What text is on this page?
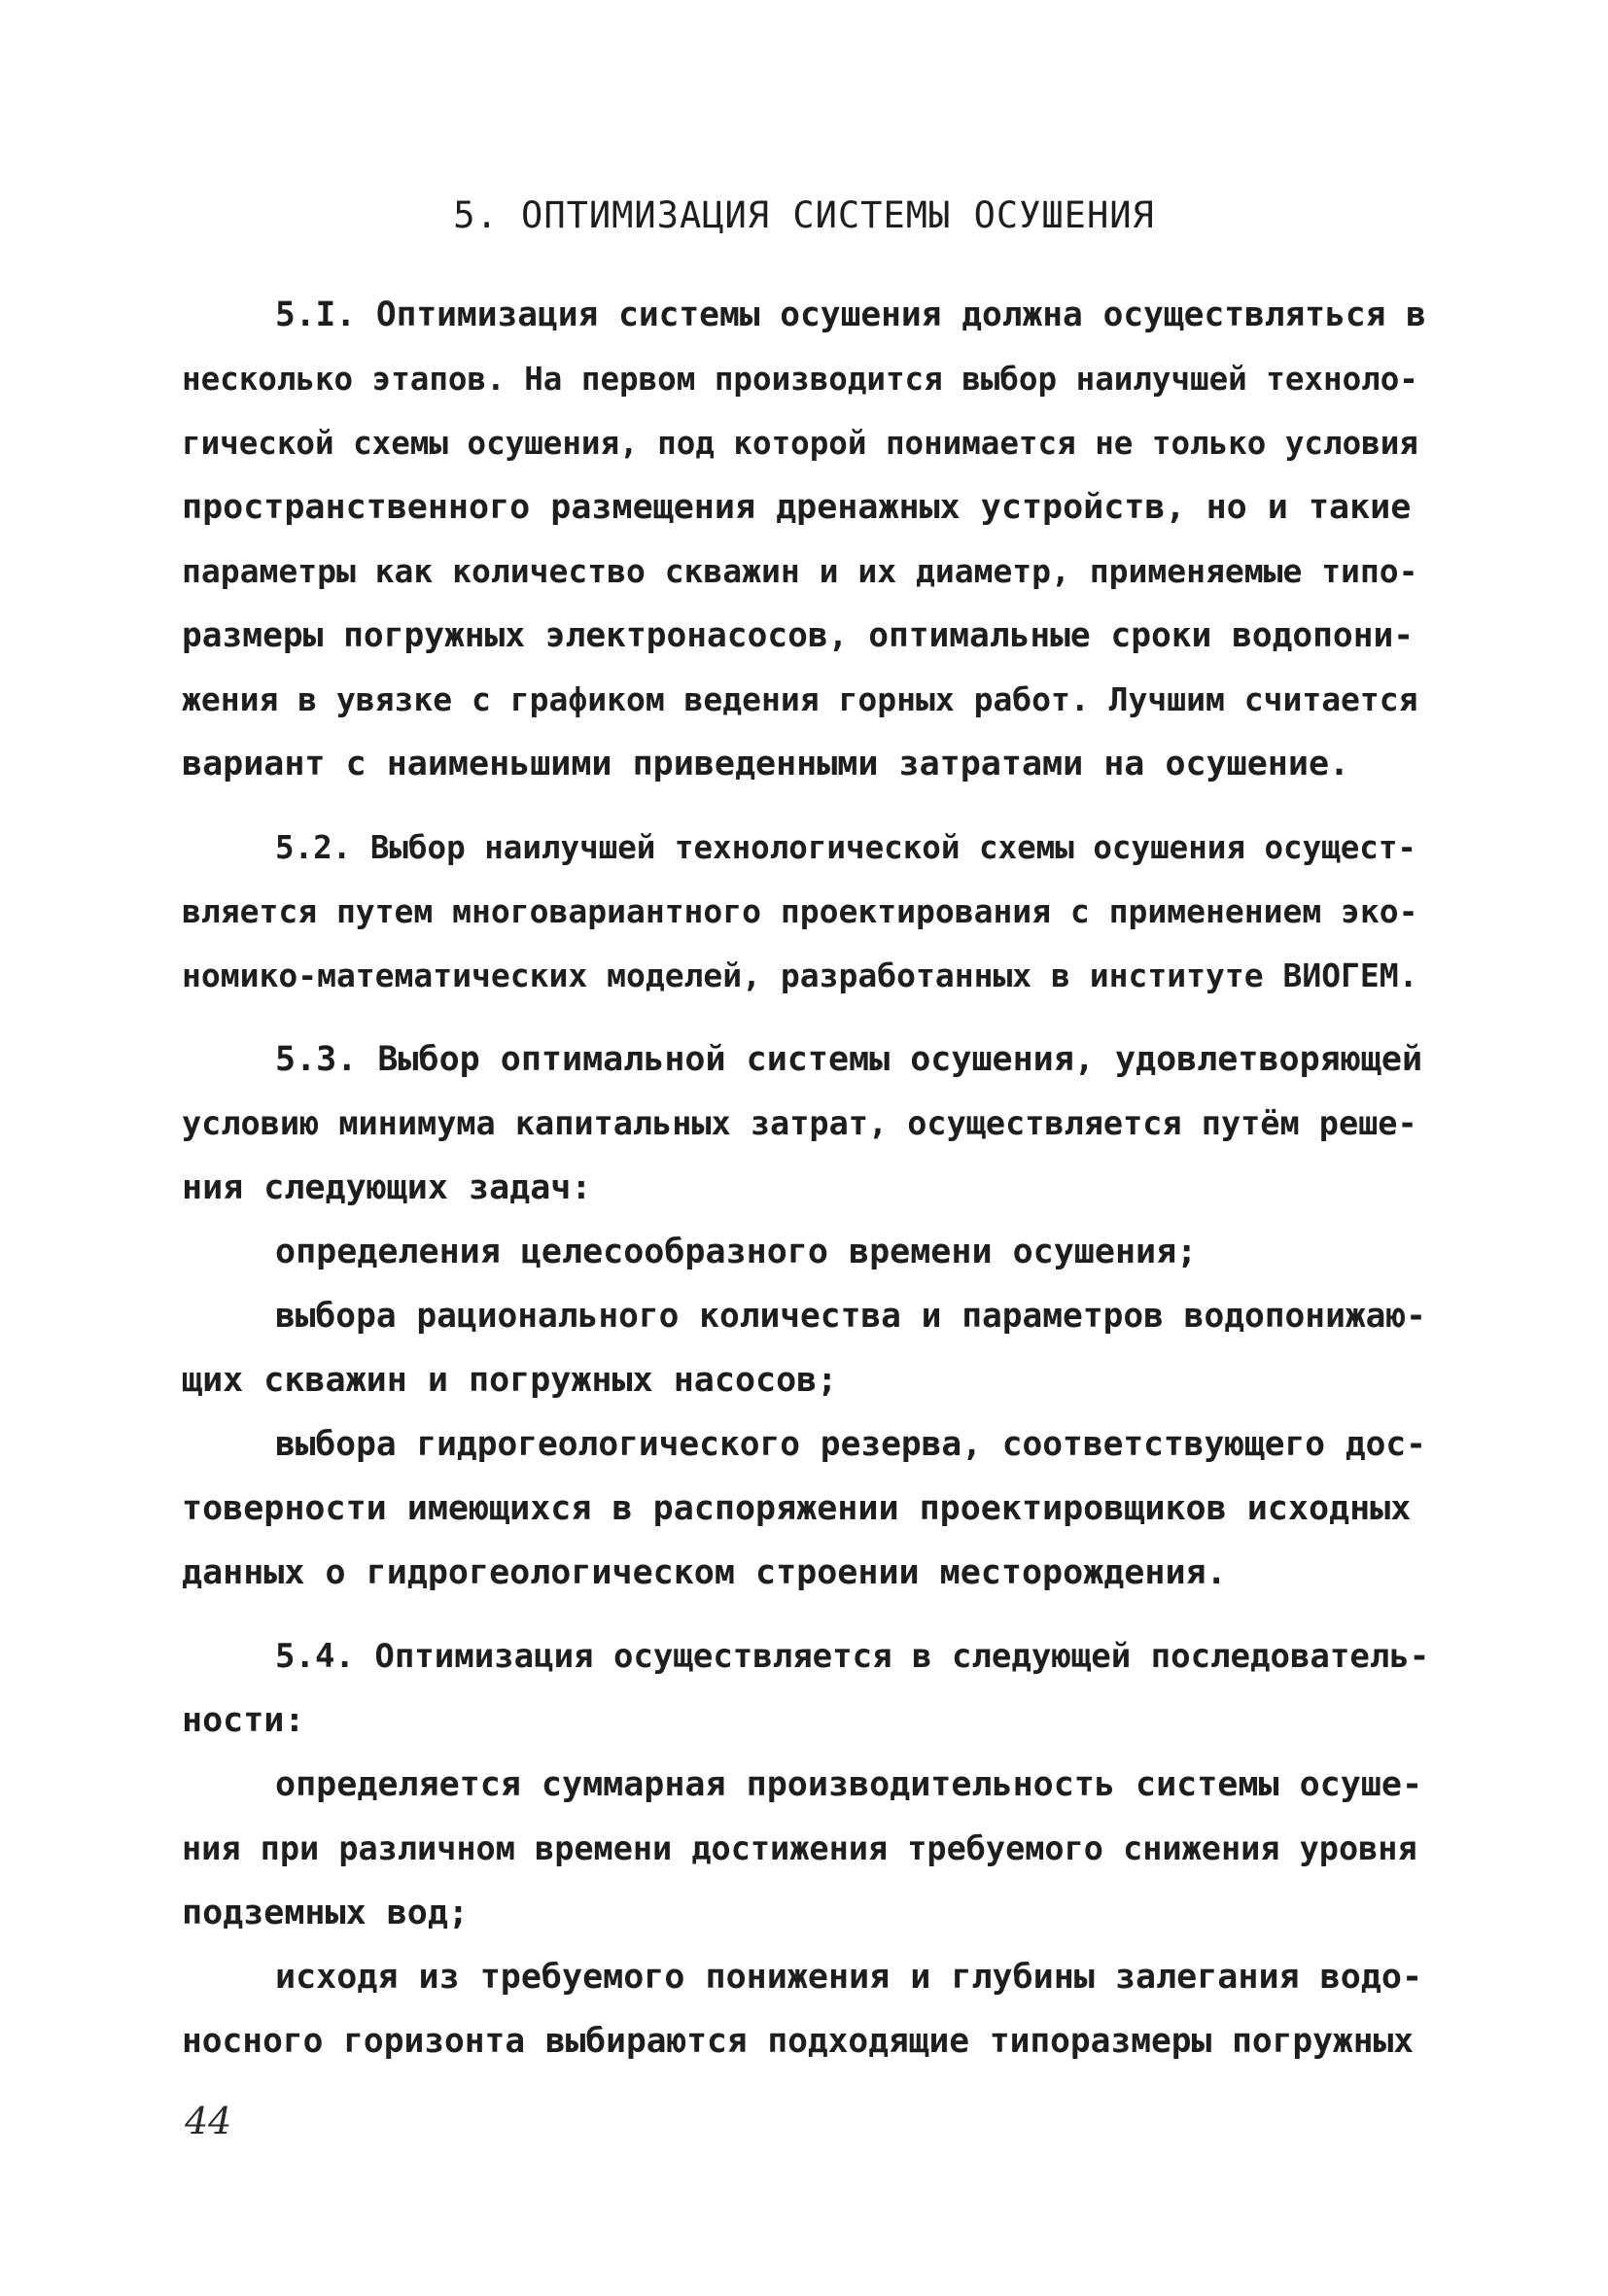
5. ОПТИМИЗАЦИЯ СИСТЕМЫ ОСУШЕНИЯ
5.I. Оптимизация системы осушения должна осуществляться в
несколько этапов. На первом производится выбор наилучшей техноло-
гической схемы осушения, под которой понимается не только условия
пространственного размещения дренажных устройств, но и такие
параметры как количество скважин и их диаметр, применяемые типо-
размеры погружных электронасосов, оптимальные сроки водопони-
жения в увязке с графиком ведения горных работ. Лучшим считается
вариант с наименьшими приведенными затратами на осушение.
5.2. Выбор наилучшей технологической схемы осушения осущест-
вляется путем многовариантного проектирования с применением эко-
номико-математических моделей, разработанных в институте ВИОГЕМ.
5.3. Выбор оптимальной системы осушения, удовлетворяющей
условию минимума капитальных затрат, осуществляется путём реше-
ния следующих задач:
определения целесообразного времени осушения;
выбора рационального количества и параметров водопонижаю-
щих скважин и погружных насосов;
выбора гидрогеологического резерва, соответствующего дос-
товерности имеющихся в распоряжении проектировщиков исходных
данных о гидрогеологическом строении месторождения.
5.4. Оптимизация осуществляется в следующей последователь-
ности:
определяется суммарная производительность системы осуше-
ния при различном времени достижения требуемого снижения уровня
подземных вод;
исходя из требуемого понижения и глубины залегания водо-
носного горизонта выбираются подходящие типоразмеры погружных
44
